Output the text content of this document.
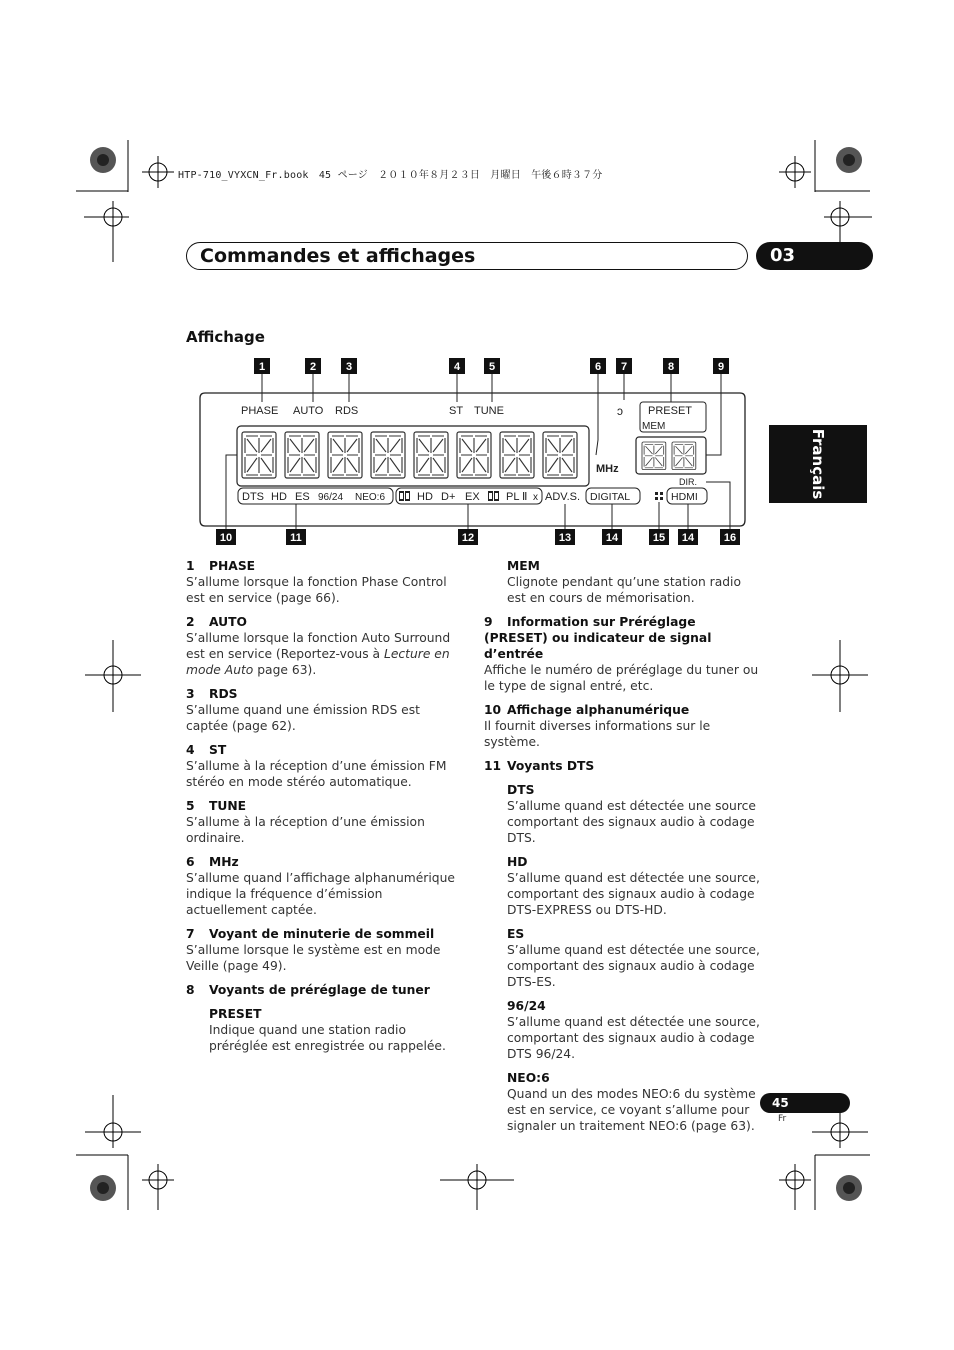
HTP-710_VYXCN_Fr.book　45 ページ　２０１０年８月２３日　月曜日　午後６時３７分
Commandes et affichages	03
Français
Affichage
PHASE AUTO RDS	ST TUNE	ↄ PRESET
MEM
MHz
DIR.
DTS HD ES 96/24 NEO:6	HD D+ EX PL Ⅱ x ADV.S. DIGITAL	HDMI
1	2	3	4	5	6 7	8	9
10	11	12	13	14	15 14	16
1 PHASE

S’allume lorsque la fonction Phase Control est en service (page 66).

2 AUTO

S’allume lorsque la fonction Auto Surround est en service (Reportez-vous à Lecture en mode Auto page 63).

3 RDS

S’allume quand une émission RDS est captée (page 62).

4 ST

S’allume à la réception d’une émission FM stéréo en mode stéréo automatique.

5 TUNE

S’allume à la réception d’une émission ordinaire.

6 MHz

S’allume quand l’affichage alphanumérique indique la fréquence d’émission actuellement captée.

7 Voyant de minuterie de sommeil

S’allume lorsque le système est en mode Veille (page 49).

8 Voyants de préréglage de tuner
PRESET

Indique quand une station radio préréglée est enregistrée ou rappelée.

MEM

Clignote pendant qu’une station radio est en cours de mémorisation.

9 Information sur Préréglage (PRESET) ou indicateur de signal d’entrée

Affiche le numéro de préréglage du tuner ou le type de signal entré, etc.

10 Affichage alphanumérique

Il fournit diverses informations sur le système.

11 Voyants DTS
DTS

S’allume quand est détectée une source comportant des signaux audio à codage DTS.

HD

S’allume quand est détectée une source, comportant des signaux audio à codage DTS-EXPRESS ou DTS-HD.

ES

S’allume quand est détectée une source, comportant des signaux audio à codage DTS-ES.

96/24

S’allume quand est détectée une source, comportant des signaux audio à codage DTS 96/24.

NEO:6

Quand un des modes NEO:6 du système est en service, ce voyant s’allume pour signaler un traitement NEO:6 (page 63).

45
Fr
